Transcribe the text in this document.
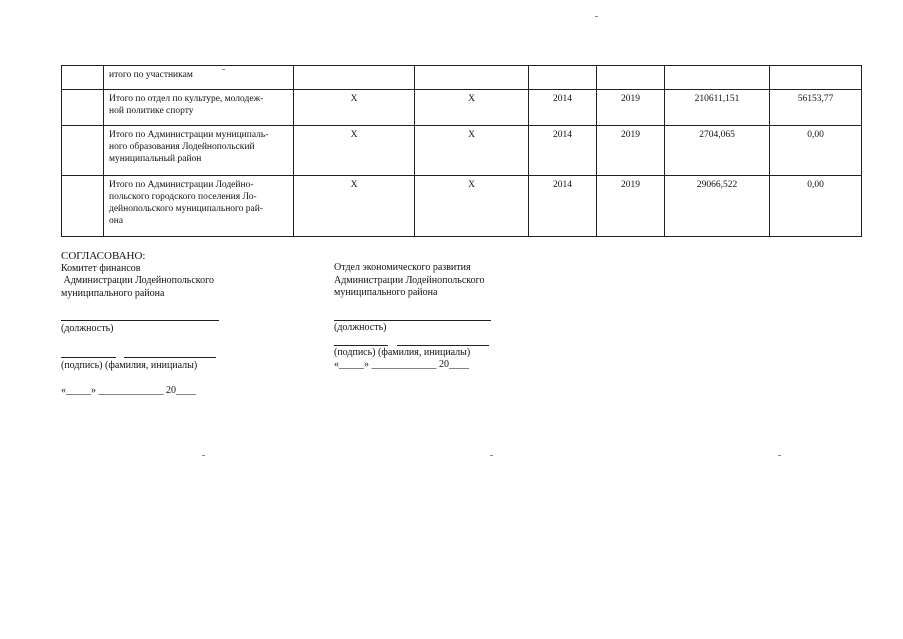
	итого по участникам						
	Итого по отдел по культуре, молодеж-
ной политике спорту	Х	Х	2014	2019	210611,151	56153,77
	Итого по Администрации муниципаль-
ного образования Лодейнопольский
муниципальный район	Х	Х	2014	2019	2704,065	0,00
	Итого по Администрации Лодейно-
польского городского поселения Ло-
дейнопольского муниципального рай-
она	Х	Х	2014	2019	29066,522	0,00
СОГЛАСОВАНО:
Комитет финансов
Администрации Лодейнопольского
муниципального района
(должность)
(подпись) (фамилия, инициалы)
«_____» _____________ 20____
Отдел экономического развития
Администрации Лодейнопольского
муниципального района
(должность)
(подпись) (фамилия, инициалы)
«_____» _____________ 20____
